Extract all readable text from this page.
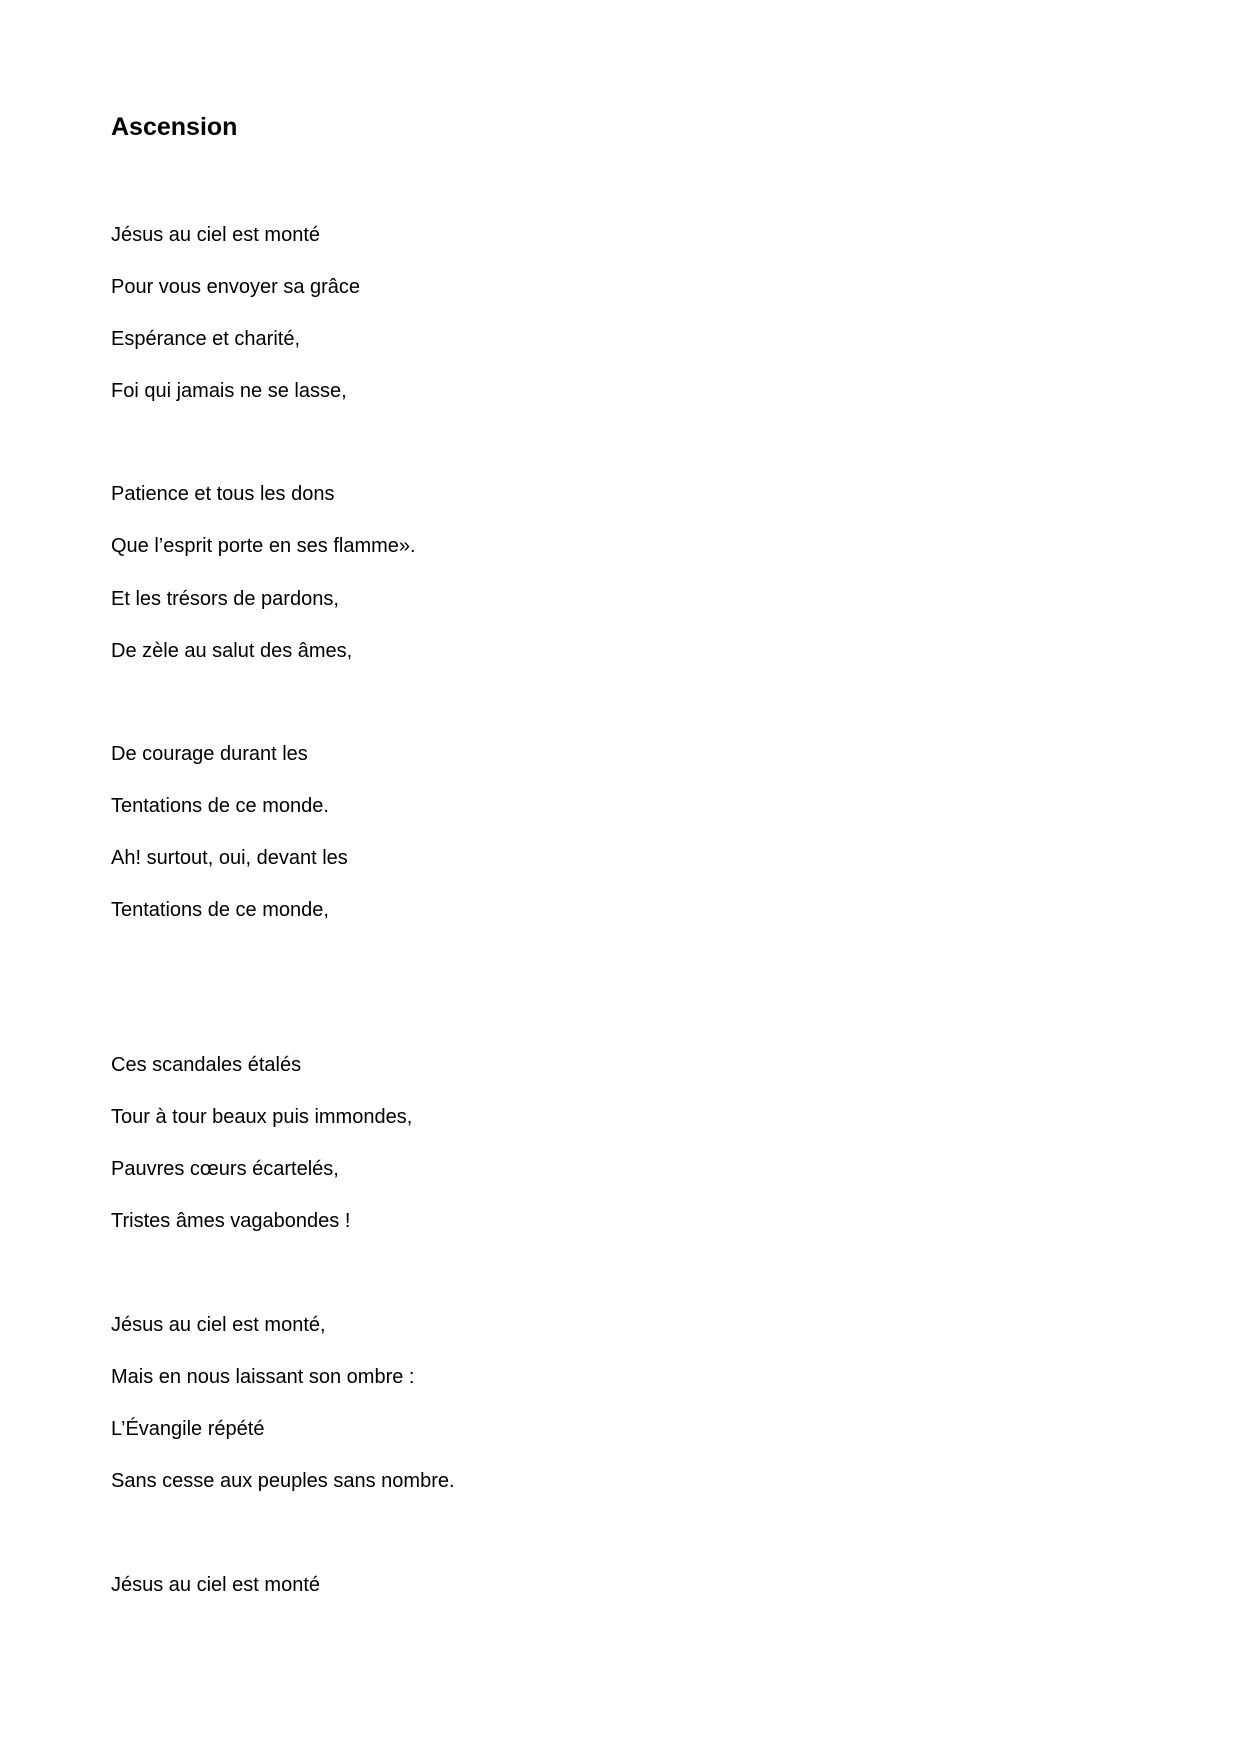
Ascension

Jésus au ciel est monté

Pour vous envoyer sa grâce

Espérance et charité,

Foi qui jamais ne se lasse,

Patience et tous les dons

Que l’esprit porte en ses flamme».

Et les trésors de pardons,

De zèle au salut des âmes,

De courage durant les

Tentations de ce monde.

Ah! surtout, oui, devant les

Tentations de ce monde,

Ces scandales étalés

Tour à tour beaux puis immondes,

Pauvres cœurs écartelés,

Tristes âmes vagabondes !

Jésus au ciel est monté,

Mais en nous laissant son ombre :

L’Évangile répété

Sans cesse aux peuples sans nombre.

Jésus au ciel est monté
